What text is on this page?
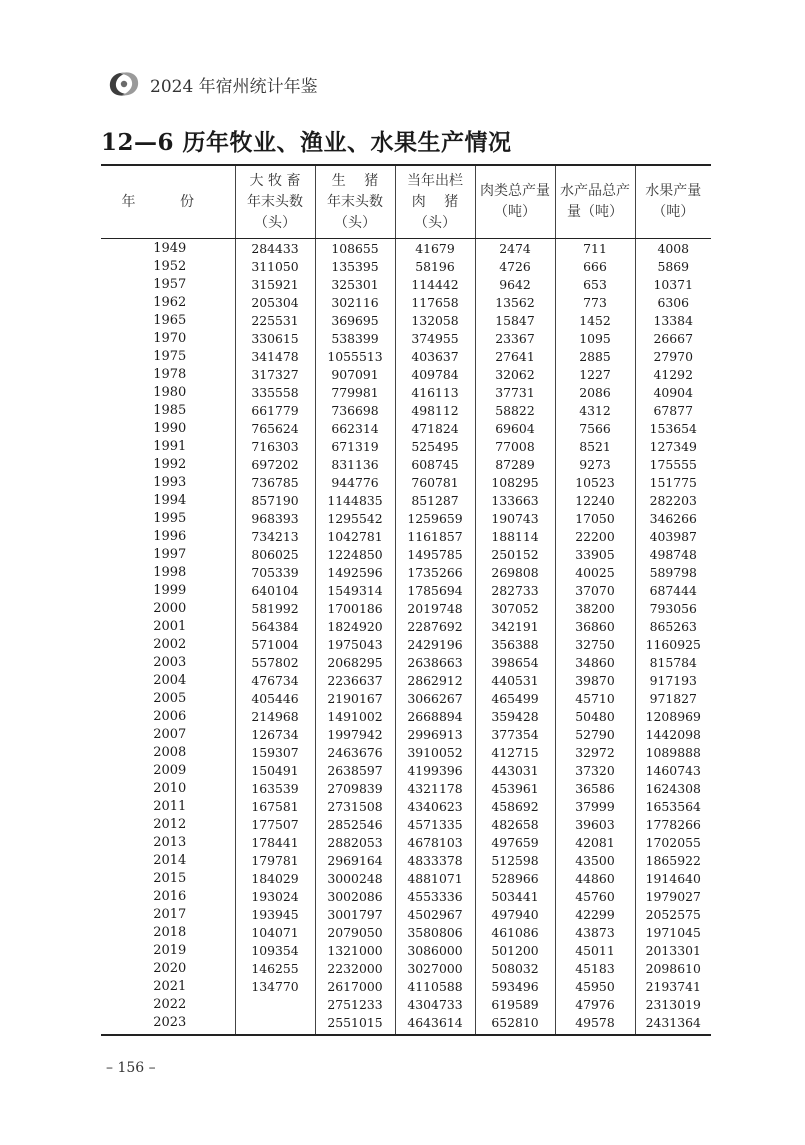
2024 年宿州统计年鉴
12—6 历年牧业、渔业、水果生产情况
年 份	大 牧 畜
年末头数
（头）	生　 猪
年末头数
（头）	当年出栏
肉　 猪
（头）	肉类总产量
（吨）	水产品总产
量（吨）	水果产量
（吨）

1949	284433	108655	41679	2474	711	4008
1952	311050	135395	58196	4726	666	5869
1957	315921	325301	114442	9642	653	10371
1962	205304	302116	117658	13562	773	6306
1965	225531	369695	132058	15847	1452	13384
1970	330615	538399	374955	23367	1095	26667
1975	341478	1055513	403637	27641	2885	27970
1978	317327	907091	409784	32062	1227	41292
1980	335558	779981	416113	37731	2086	40904
1985	661779	736698	498112	58822	4312	67877
1990	765624	662314	471824	69604	7566	153654
1991	716303	671319	525495	77008	8521	127349
1992	697202	831136	608745	87289	9273	175555
1993	736785	944776	760781	108295	10523	151775
1994	857190	1144835	851287	133663	12240	282203
1995	968393	1295542	1259659	190743	17050	346266
1996	734213	1042781	1161857	188114	22200	403987
1997	806025	1224850	1495785	250152	33905	498748
1998	705339	1492596	1735266	269808	40025	589798
1999	640104	1549314	1785694	282733	37070	687444
2000	581992	1700186	2019748	307052	38200	793056
2001	564384	1824920	2287692	342191	36860	865263
2002	571004	1975043	2429196	356388	32750	1160925
2003	557802	2068295	2638663	398654	34860	815784
2004	476734	2236637	2862912	440531	39870	917193
2005	405446	2190167	3066267	465499	45710	971827
2006	214968	1491002	2668894	359428	50480	1208969
2007	126734	1997942	2996913	377354	52790	1442098
2008	159307	2463676	3910052	412715	32972	1089888
2009	150491	2638597	4199396	443031	37320	1460743
2010	163539	2709839	4321178	453961	36586	1624308
2011	167581	2731508	4340623	458692	37999	1653564
2012	177507	2852546	4571335	482658	39603	1778266
2013	178441	2882053	4678103	497659	42081	1702055
2014	179781	2969164	4833378	512598	43500	1865922
2015	184029	3000248	4881071	528966	44860	1914640
2016	193024	3002086	4553336	503441	45760	1979027
2017	193945	3001797	4502967	497940	42299	2052575
2018	104071	2079050	3580806	461086	43873	1971045
2019	109354	1321000	3086000	501200	45011	2013301
2020	146255	2232000	3027000	508032	45183	2098610
2021	134770	2617000	4110588	593496	45950	2193741
2022		2751233	4304733	619589	47976	2313019
2023		2551015	4643614	652810	49578	2431364
– 156 –
